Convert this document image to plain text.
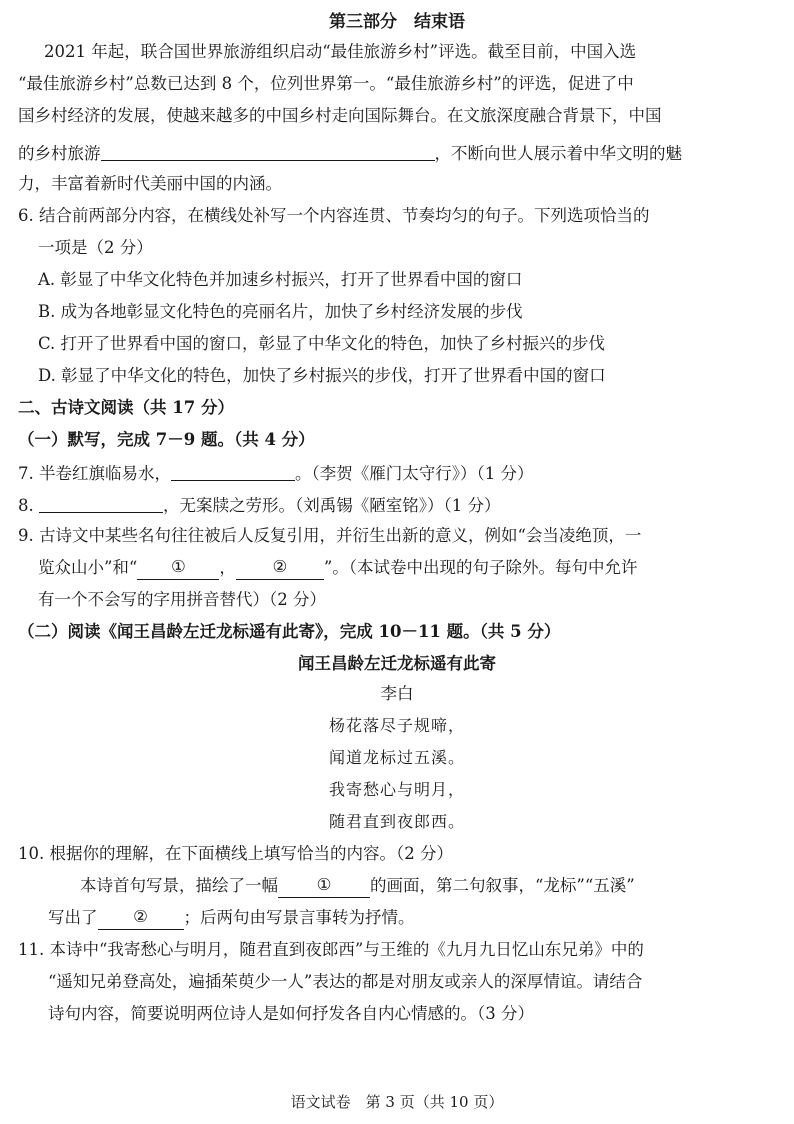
第三部分　结束语
2021 年起，联合国世界旅游组织启动“最佳旅游乡村”评选。截至目前，中国入选
“最佳旅游乡村”总数已达到 8 个，位列世界第一。“最佳旅游乡村”的评选，促进了中
国乡村经济的发展，使越来越多的中国乡村走向国际舞台。在文旅深度融合背景下，中国
的乡村旅游	，不断向世人展示着中华文明的魅
力，丰富着新时代美丽中国的内涵。
6. 结合前两部分内容，在横线处补写一个内容连贯、节奏均匀的句子。下列选项恰当的
一项是（2 分）
A. 彰显了中华文化特色并加速乡村振兴，打开了世界看中国的窗口
B. 成为各地彰显文化特色的亮丽名片，加快了乡村经济发展的步伐
C. 打开了世界看中国的窗口，彰显了中华文化的特色，加快了乡村振兴的步伐
D. 彰显了中华文化的特色，加快了乡村振兴的步伐，打开了世界看中国的窗口
二、古诗文阅读（共 17 分）
（一）默写，完成 7－9 题。（共 4 分）
7. 半卷红旗临易水，	。（李贺《雁门太守行》）（1 分）
8.	，无案牍之劳形。（刘禹锡《陋室铭》）（1 分）
9. 古诗文中某些名句往往被后人反复引用，并衍生出新的意义，例如“会当凌绝顶，一
览众山小”和“ ① ， ② ”。（本试卷中出现的句子除外。每句中允许
有一个不会写的字用拼音替代）（2 分）
（二）阅读《闻王昌龄左迁龙标遥有此寄》，完成 10－11 题。（共 5 分）
闻王昌龄左迁龙标遥有此寄
李白
杨花落尽子规啼，
闻道龙标过五溪。
我寄愁心与明月，
随君直到夜郎西。
10. 根据你的理解，在下面横线上填写恰当的内容。（2 分）
本诗首句写景，描绘了一幅 ① 的画面，第二句叙事，“龙标”“五溪”
写出了 ② ；后两句由写景言事转为抒情。
11. 本诗中“我寄愁心与明月，随君直到夜郎西”与王维的《九月九日忆山东兄弟》中的
“遥知兄弟登高处，遍插茱萸少一人”表达的都是对朋友或亲人的深厚情谊。请结合
诗句内容，简要说明两位诗人是如何抒发各自内心情感的。（3 分）
语文试卷　第 3 页（共 10 页）
